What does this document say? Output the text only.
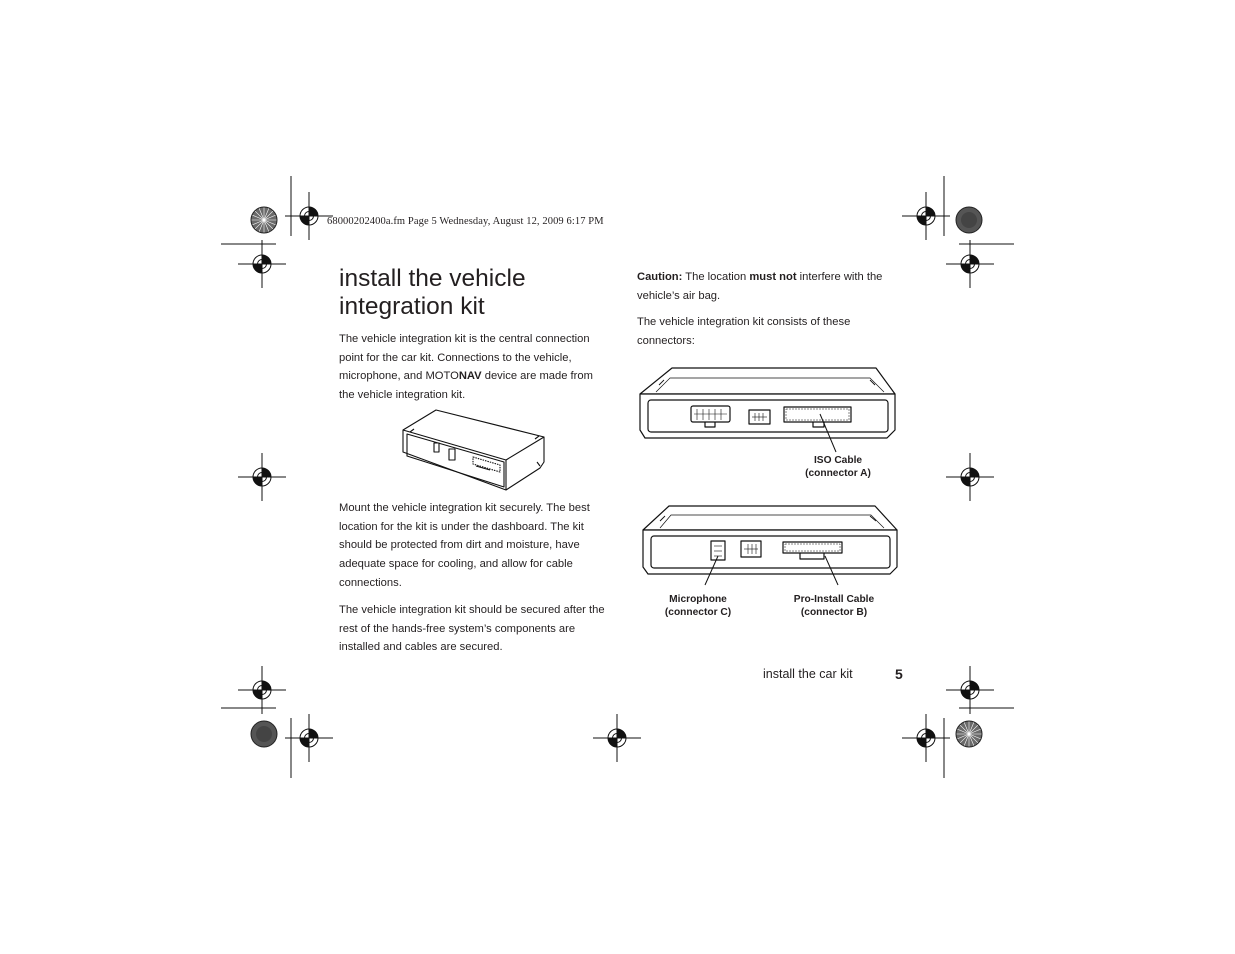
68000202400a.fm Page 5 Wednesday, August 12, 2009 6:17 PM
install the vehicle integration kit

The vehicle integration kit is the central connection point for the car kit. Connections to the vehicle, microphone, and MOTONAV device are made from the vehicle integration kit.

Mount the vehicle integration kit securely. The best location for the kit is under the dashboard. The kit should be protected from dirt and moisture, have adequate space for cooling, and allow for cable connections.

The vehicle integration kit should be secured after the rest of the hands-free system’s components are installed and cables are secured.

Caution: The location must not interfere with the vehicle’s air bag.

The vehicle integration kit consists of these connectors:

ISO Cable
(connector A)
Microphone
(connector C)
Pro-Install Cable
(connector B)
install the car kit	5
